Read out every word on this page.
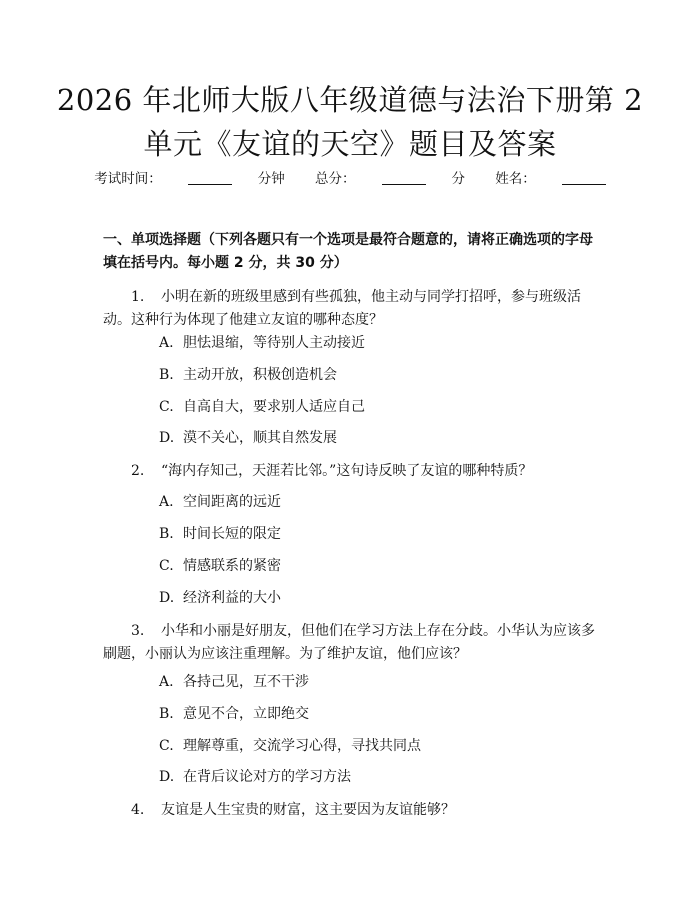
2026 年北师大版八年级道德与法治下册第 2
单元《友谊的天空》题目及答案
考试时间：	分钟 总分：	分 姓名：
一、单项选择题（下列各题只有一个选项是最符合题意的，请将正确选项的字母填在括号内。每小题 2 分，共 30 分）
1. 小明在新的班级里感到有些孤独，他主动与同学打招呼，参与班级活动。这种行为体现了他建立友谊的哪种态度？
A. 胆怯退缩，等待别人主动接近
B. 主动开放，积极创造机会
C. 自高自大，要求别人适应自己
D. 漠不关心，顺其自然发展
2. “海内存知己，天涯若比邻。”这句诗反映了友谊的哪种特质？
A. 空间距离的远近
B. 时间长短的限定
C. 情感联系的紧密
D. 经济利益的大小
3. 小华和小丽是好朋友，但他们在学习方法上存在分歧。小华认为应该多刷题，小丽认为应该注重理解。为了维护友谊，他们应该？
A. 各持己见，互不干涉
B. 意见不合，立即绝交
C. 理解尊重，交流学习心得，寻找共同点
D. 在背后议论对方的学习方法
4. 友谊是人生宝贵的财富，这主要因为友谊能够？
